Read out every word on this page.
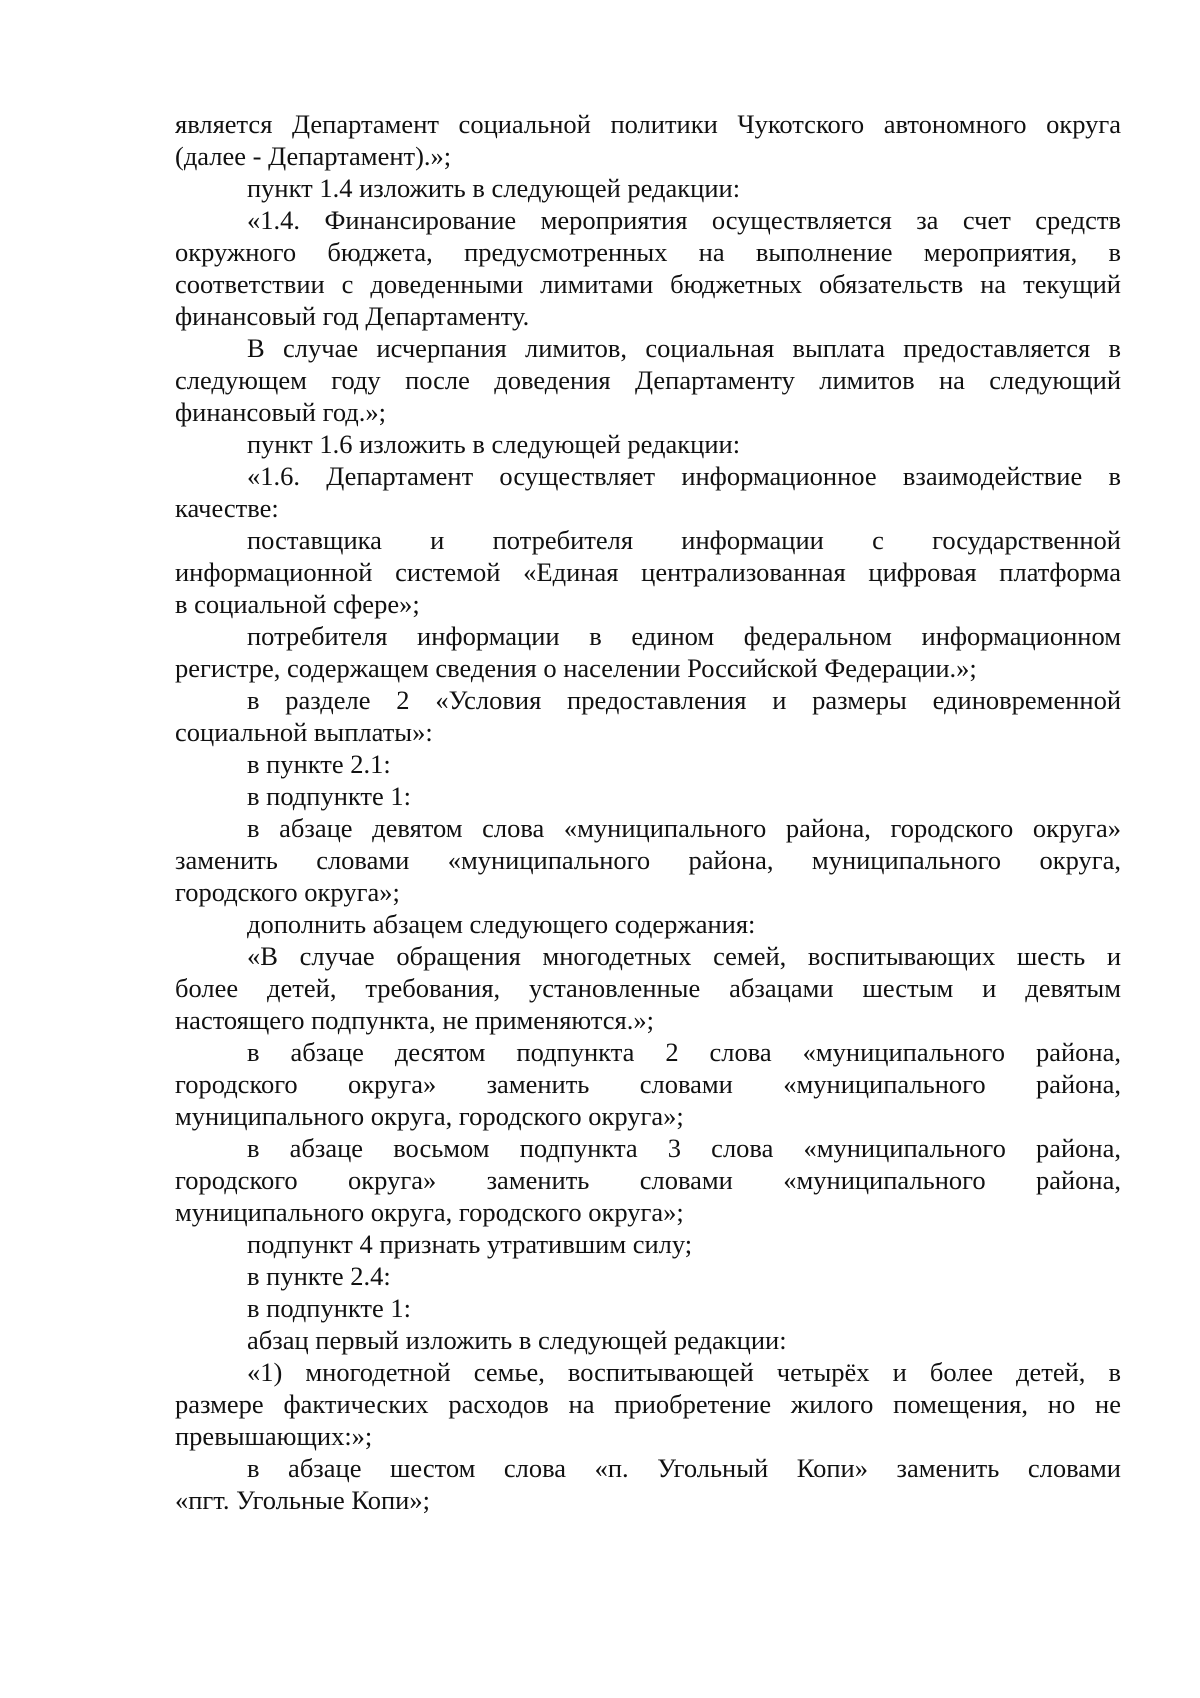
является Департамент социальной политики Чукотского автономного округа
(далее - Департамент).»;
пункт 1.4 изложить в следующей редакции:
«1.4. Финансирование мероприятия осуществляется за счет средств
окружного бюджета, предусмотренных на выполнение мероприятия, в
соответствии с доведенными лимитами бюджетных обязательств на текущий
финансовый год Департаменту.
В случае исчерпания лимитов, социальная выплата предоставляется в
следующем году после доведения Департаменту лимитов на следующий
финансовый год.»;
пункт 1.6 изложить в следующей редакции:
«1.6. Департамент осуществляет информационное взаимодействие в
качестве:
поставщика и потребителя информации с государственной
информационной системой «Единая централизованная цифровая платформа
в социальной сфере»;
потребителя информации в едином федеральном информационном
регистре, содержащем сведения о населении Российской Федерации.»;
в разделе 2 «Условия предоставления и размеры единовременной
социальной выплаты»:
в пункте 2.1:
в подпункте 1:
в абзаце девятом слова «муниципального района, городского округа»
заменить словами «муниципального района, муниципального округа,
городского округа»;
дополнить абзацем следующего содержания:
«В случае обращения многодетных семей, воспитывающих шесть и
более детей, требования, установленные абзацами шестым и девятым
настоящего подпункта, не применяются.»;
в абзаце десятом подпункта 2 слова «муниципального района,
городского округа» заменить словами «муниципального района,
муниципального округа, городского округа»;
в абзаце восьмом подпункта 3 слова «муниципального района,
городского округа» заменить словами «муниципального района,
муниципального округа, городского округа»;
подпункт 4 признать утратившим силу;
в пункте 2.4:
в подпункте 1:
абзац первый изложить в следующей редакции:
«1) многодетной семье, воспитывающей четырёх и более детей, в
размере фактических расходов на приобретение жилого помещения, но не
превышающих:»;
в абзаце шестом слова «п. Угольный Копи» заменить словами
«пгт. Угольные Копи»;
